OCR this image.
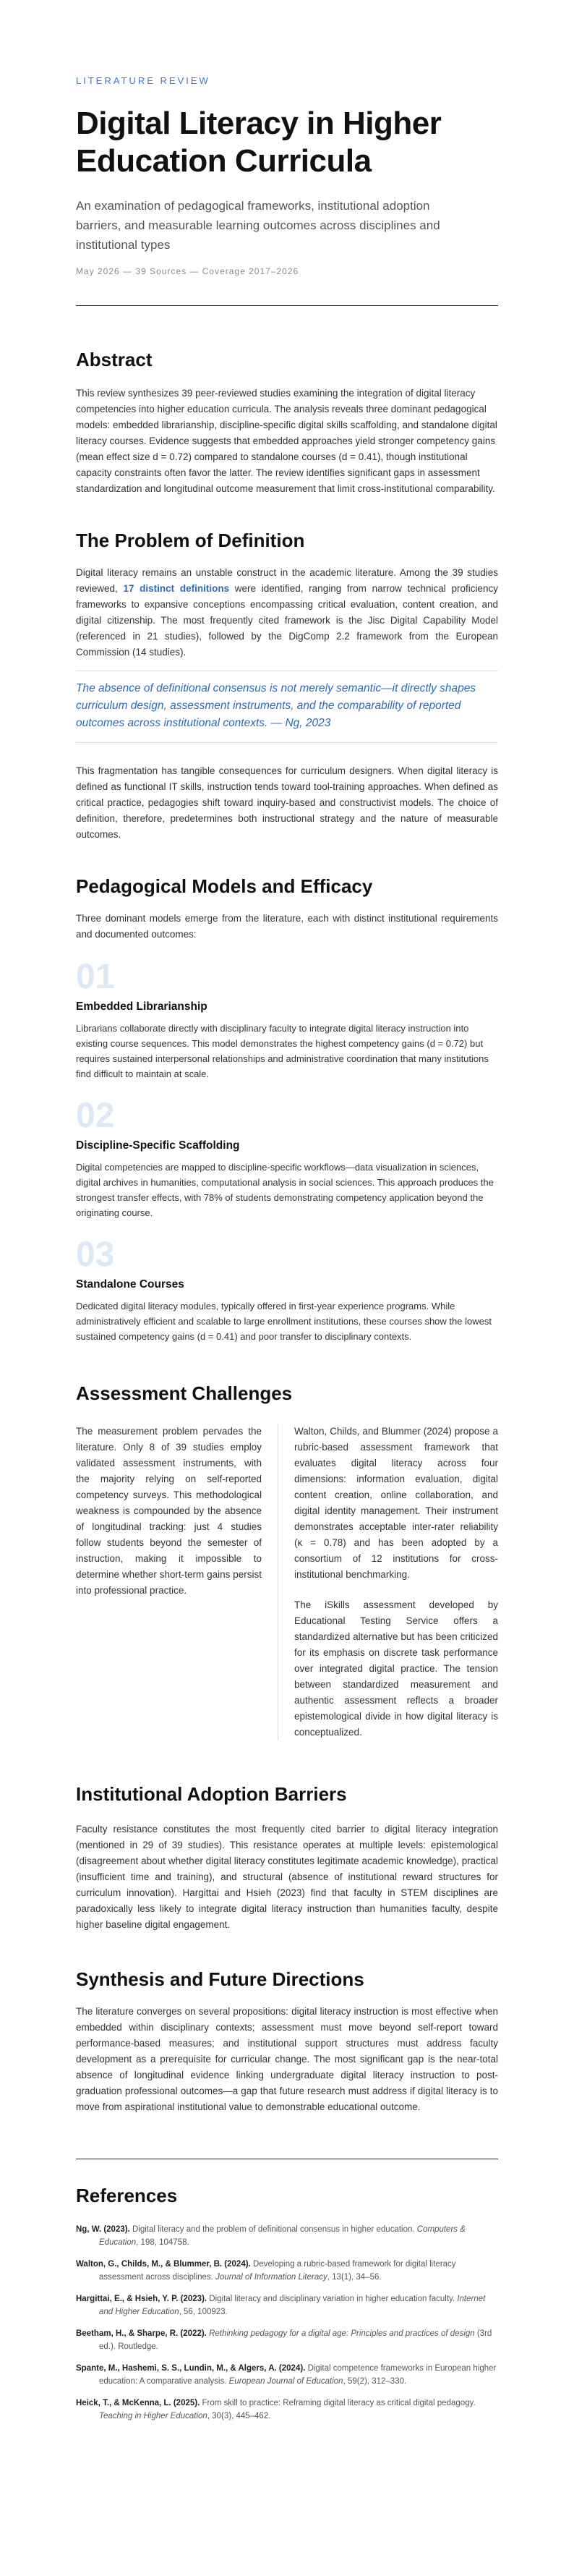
LITERATURE REVIEW
Digital Literacy in Higher Education Curricula

An examination of pedagogical frameworks, institutional adoption barriers, and measurable learning outcomes across disciplines and institutional types

May 2026 — 39 Sources — Coverage 2017–2026
Abstract

This review synthesizes 39 peer-reviewed studies examining the integration of digital literacy competencies into higher education curricula. The analysis reveals three dominant pedagogical models: embedded librarianship, discipline-specific digital skills scaffolding, and standalone digital literacy courses. Evidence suggests that embedded approaches yield stronger competency gains (mean effect size d = 0.72) compared to standalone courses (d = 0.41), though institutional capacity constraints often favor the latter. The review identifies significant gaps in assessment standardization and longitudinal outcome measurement that limit cross-institutional comparability.

The Problem of Definition

Digital literacy remains an unstable construct in the academic literature. Among the 39 studies reviewed, 17 distinct definitions were identified, ranging from narrow technical proficiency frameworks to expansive conceptions encompassing critical evaluation, content creation, and digital citizenship. The most frequently cited framework is the Jisc Digital Capability Model (referenced in 21 studies), followed by the DigComp 2.2 framework from the European Commission (14 studies).

The absence of definitional consensus is not merely semantic—it directly shapes curriculum design, assessment instruments, and the comparability of reported outcomes across institutional contexts. — Ng, 2023

This fragmentation has tangible consequences for curriculum designers. When digital literacy is defined as functional IT skills, instruction tends toward tool-training approaches. When defined as critical practice, pedagogies shift toward inquiry-based and constructivist models. The choice of definition, therefore, predetermines both instructional strategy and the nature of measurable outcomes.

Pedagogical Models and Efficacy

Three dominant models emerge from the literature, each with distinct institutional requirements and documented outcomes:

01
Embedded Librarianship

Librarians collaborate directly with disciplinary faculty to integrate digital literacy instruction into existing course sequences. This model demonstrates the highest competency gains (d = 0.72) but requires sustained interpersonal relationships and administrative coordination that many institutions find difficult to maintain at scale.

02
Discipline-Specific Scaffolding

Digital competencies are mapped to discipline-specific workflows—data visualization in sciences, digital archives in humanities, computational analysis in social sciences. This approach produces the strongest transfer effects, with 78% of students demonstrating competency application beyond the originating course.

03
Standalone Courses

Dedicated digital literacy modules, typically offered in first-year experience programs. While administratively efficient and scalable to large enrollment institutions, these courses show the lowest sustained competency gains (d = 0.41) and poor transfer to disciplinary contexts.

Assessment Challenges

The measurement problem pervades the literature. Only 8 of 39 studies employ validated assessment instruments, with the majority relying on self-reported competency surveys. This methodological weakness is compounded by the absence of longitudinal tracking: just 4 studies follow students beyond the semester of instruction, making it impossible to determine whether short-term gains persist into professional practice.

Walton, Childs, and Blummer (2024) propose a rubric-based assessment framework that evaluates digital literacy across four dimensions: information evaluation, digital content creation, online collaboration, and digital identity management. Their instrument demonstrates acceptable inter-rater reliability (κ = 0.78) and has been adopted by a consortium of 12 institutions for cross-institutional benchmarking.

The iSkills assessment developed by Educational Testing Service offers a standardized alternative but has been criticized for its emphasis on discrete task performance over integrated digital practice. The tension between standardized measurement and authentic assessment reflects a broader epistemological divide in how digital literacy is conceptualized.

Institutional Adoption Barriers

Faculty resistance constitutes the most frequently cited barrier to digital literacy integration (mentioned in 29 of 39 studies). This resistance operates at multiple levels: epistemological (disagreement about whether digital literacy constitutes legitimate academic knowledge), practical (insufficient time and training), and structural (absence of institutional reward structures for curriculum innovation). Hargittai and Hsieh (2023) find that faculty in STEM disciplines are paradoxically less likely to integrate digital literacy instruction than humanities faculty, despite higher baseline digital engagement.

Synthesis and Future Directions

The literature converges on several propositions: digital literacy instruction is most effective when embedded within disciplinary contexts; assessment must move beyond self-report toward performance-based measures; and institutional support structures must address faculty development as a prerequisite for curricular change. The most significant gap is the near-total absence of longitudinal evidence linking undergraduate digital literacy instruction to post-graduation professional outcomes—a gap that future research must address if digital literacy is to move from aspirational institutional value to demonstrable educational outcome.

References

Ng, W. (2023). Digital literacy and the problem of definitional consensus in higher education. Computers & Education, 198, 104758.

Walton, G., Childs, M., & Blummer, B. (2024). Developing a rubric-based framework for digital literacy assessment across disciplines. Journal of Information Literacy, 13(1), 34–56.

Hargittai, E., & Hsieh, Y. P. (2023). Digital literacy and disciplinary variation in higher education faculty. Internet and Higher Education, 56, 100923.

Beetham, H., & Sharpe, R. (2022). Rethinking pedagogy for a digital age: Principles and practices of design (3rd ed.). Routledge.

Spante, M., Hashemi, S. S., Lundin, M., & Algers, A. (2024). Digital competence frameworks in European higher education: A comparative analysis. European Journal of Education, 59(2), 312–330.

Heick, T., & McKenna, L. (2025). From skill to practice: Reframing digital literacy as critical digital pedagogy. Teaching in Higher Education, 30(3), 445–462.
